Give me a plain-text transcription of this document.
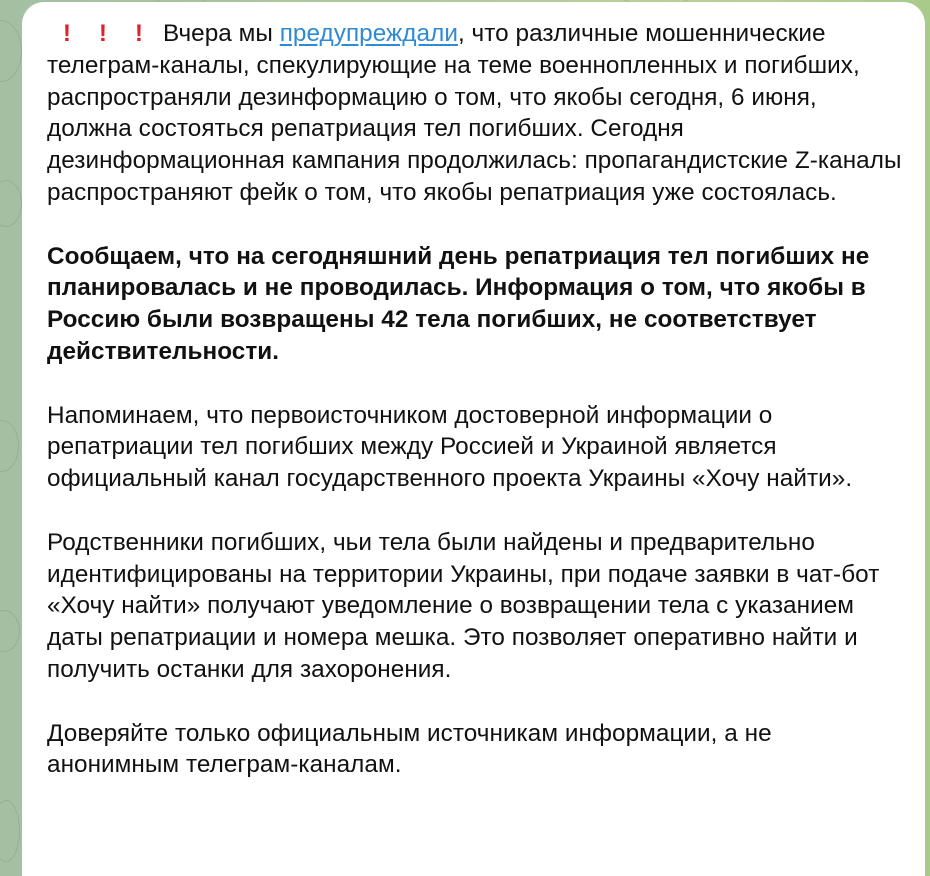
! ! ! Вчера мы предупреждали, что различные мошеннические телеграм-каналы, спекулирующие на теме военнопленных и погибших, распространяли дезинформацию о том, что якобы сегодня, 6 июня, должна состояться репатриация тел погибших. Сегодня дезинформационная кампания продолжилась: пропагандистские Z-каналы распространяют фейк о том, что якобы репатриация уже состоялась.

Сообщаем, что на сегодняшний день репатриация тел погибших не планировалась и не проводилась. Информация о том, что якобы в Россию были возвращены 42 тела погибших, не соответствует действительности.

Напоминаем, что первоисточником достоверной информации о репатриации тел погибших между Россией и Украиной является официальный канал государственного проекта Украины «Хочу найти».

Родственники погибших, чьи тела были найдены и предварительно идентифицированы на территории Украины, при подаче заявки в чат-бот «Хочу найти» получают уведомление о возвращении тела с указанием даты репатриации и номера мешка. Это позволяет оперативно найти и получить останки для захоронения.

Доверяйте только официальным источникам информации, а не анонимным телеграм-каналам.
